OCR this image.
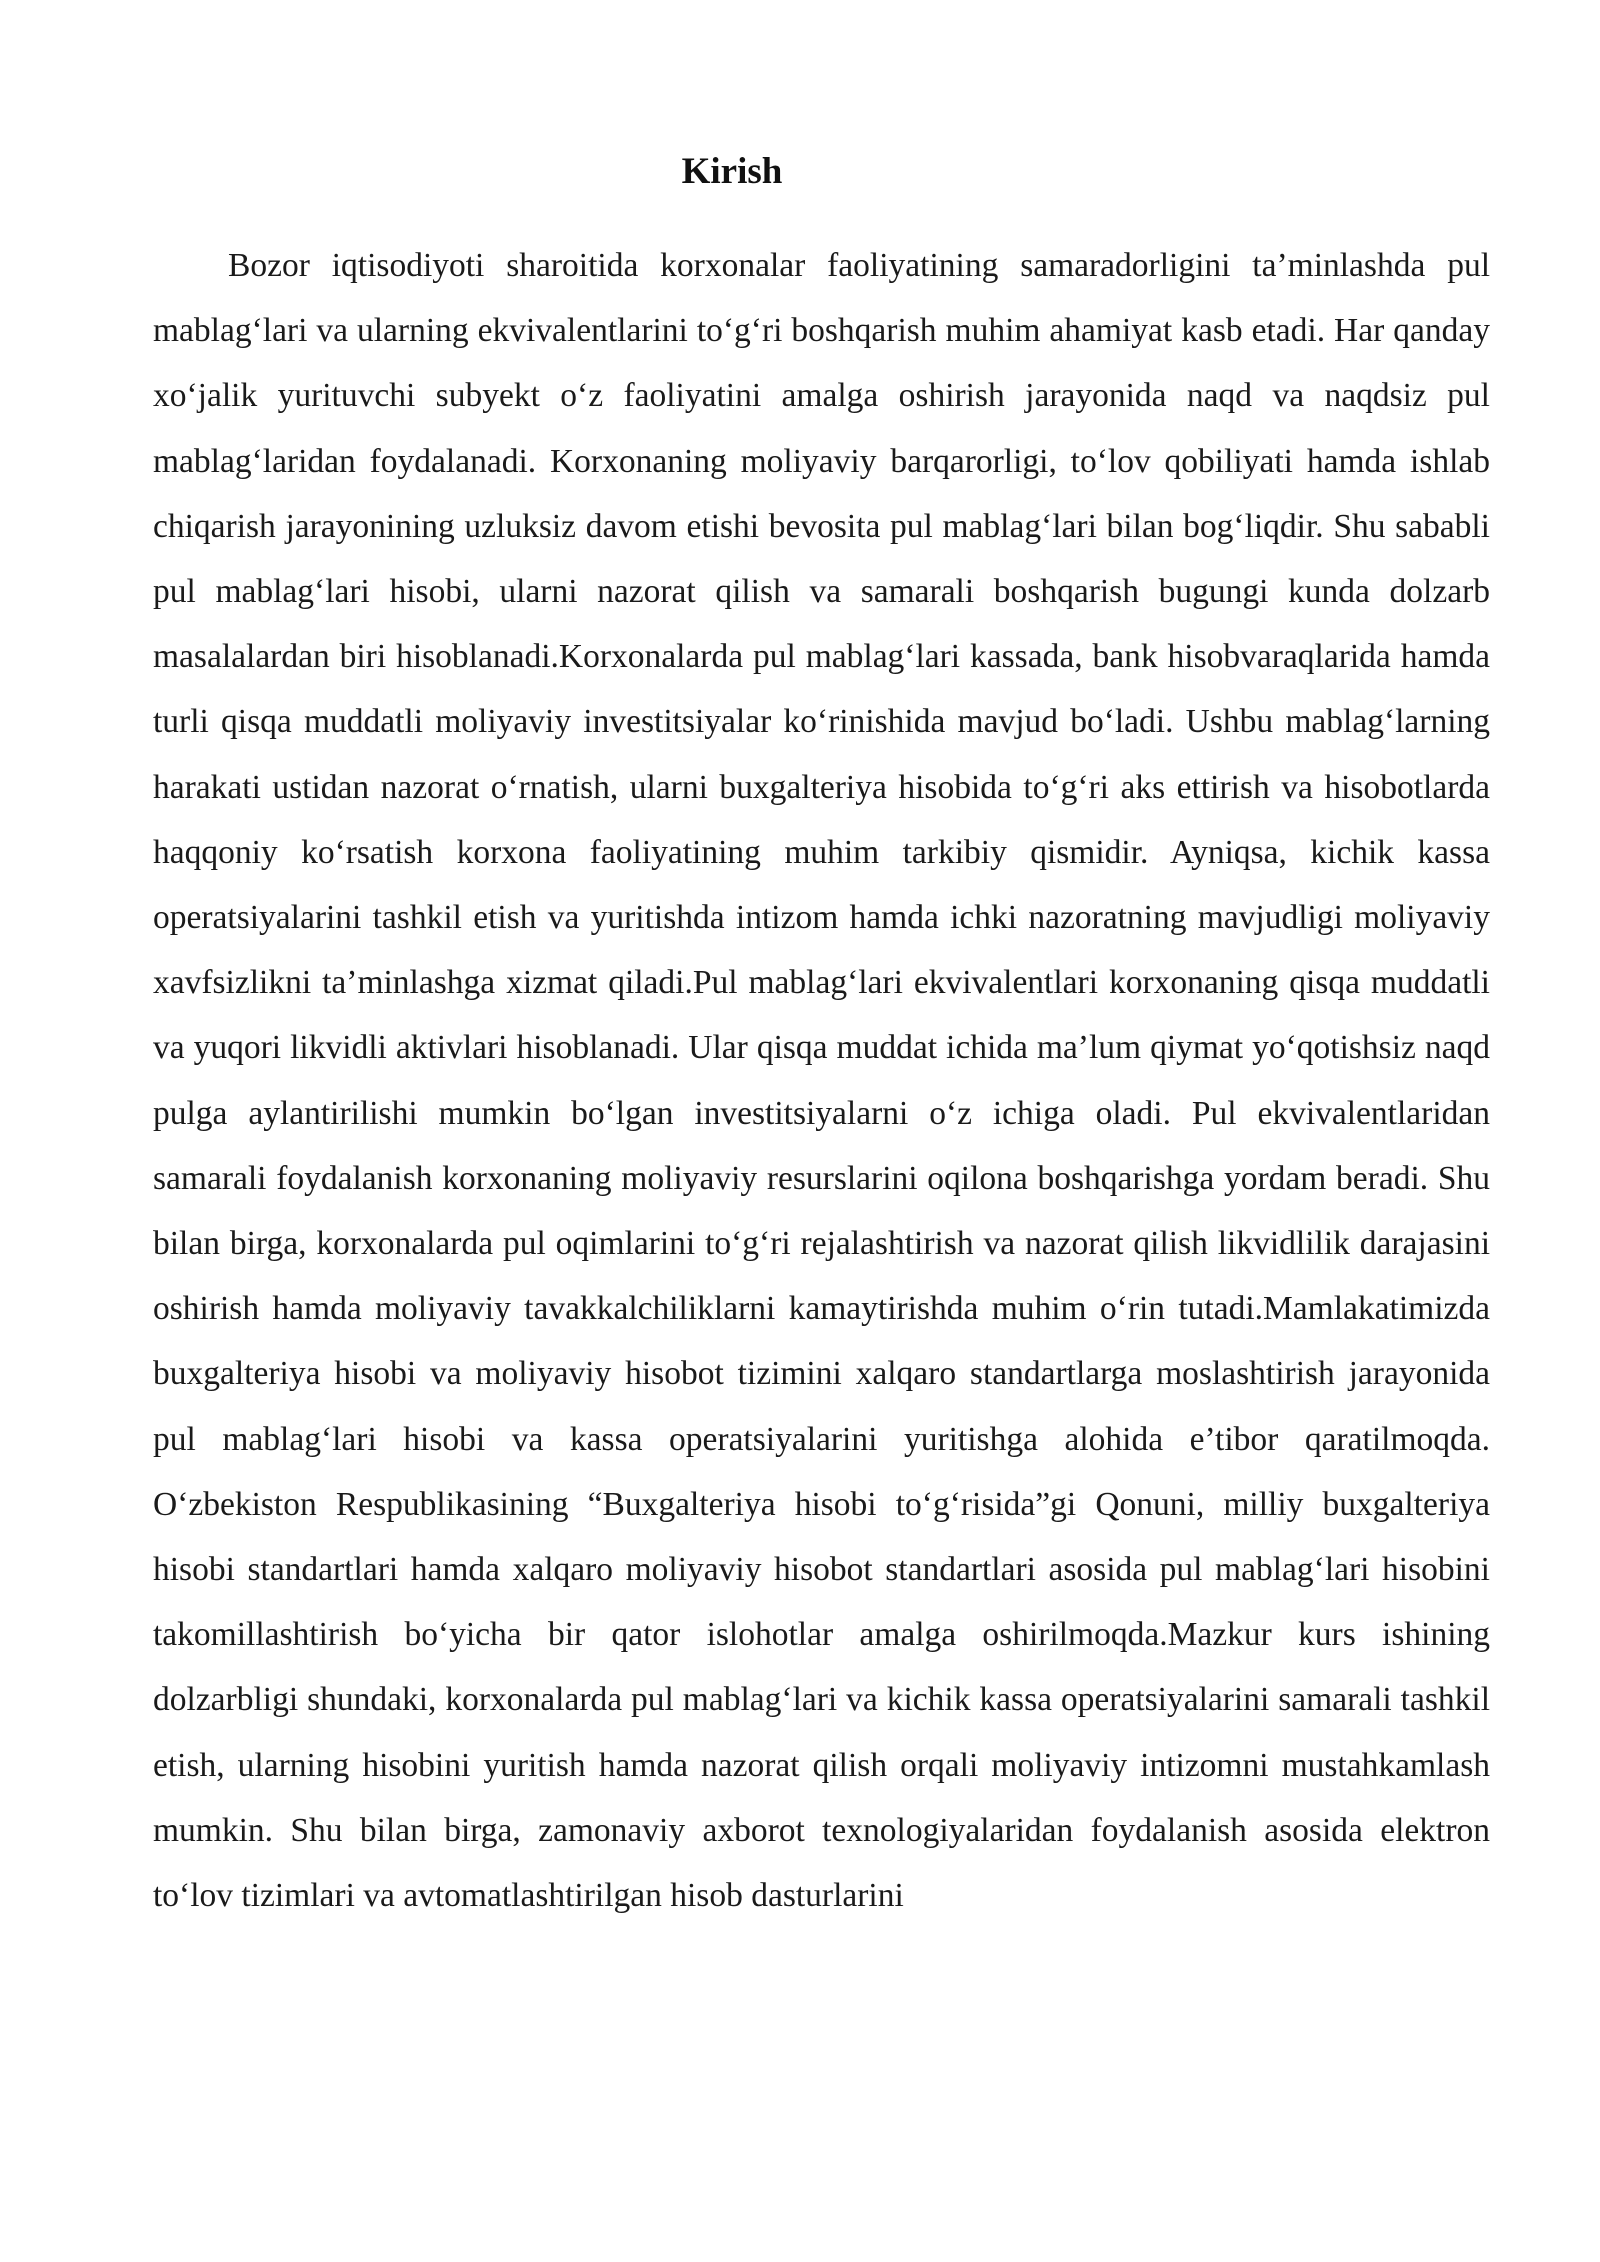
Kirish

Bozor iqtisodiyoti sharoitida korxonalar faoliyatining samaradorligini ta’minlashda pul mablag‘lari va ularning ekvivalentlarini to‘g‘ri boshqarish muhim ahamiyat kasb etadi. Har qanday xo‘jalik yurituvchi subyekt o‘z faoliyatini amalga oshirish jarayonida naqd va naqdsiz pul mablag‘laridan foydalanadi. Korxonaning moliyaviy barqarorligi, to‘lov qobiliyati hamda ishlab chiqarish jarayonining uzluksiz davom etishi bevosita pul mablag‘lari bilan bog‘liqdir. Shu sababli pul mablag‘lari hisobi, ularni nazorat qilish va samarali boshqarish bugungi kunda dolzarb masalalardan biri hisoblanadi.Korxonalarda pul mablag‘lari kassada, bank hisobvaraqlarida hamda turli qisqa muddatli moliyaviy investitsiyalar ko‘rinishida mavjud bo‘ladi. Ushbu mablag‘larning harakati ustidan nazorat o‘rnatish, ularni buxgalteriya hisobida to‘g‘ri aks ettirish va hisobotlarda haqqoniy ko‘rsatish korxona faoliyatining muhim tarkibiy qismidir. Ayniqsa, kichik kassa operatsiyalarini tashkil etish va yuritishda intizom hamda ichki nazoratning mavjudligi moliyaviy xavfsizlikni ta’minlashga xizmat qiladi.Pul mablag‘lari ekvivalentlari korxonaning qisqa muddatli va yuqori likvidli aktivlari hisoblanadi. Ular qisqa muddat ichida ma’lum qiymat yo‘qotishsiz naqd pulga aylantirilishi mumkin bo‘lgan investitsiyalarni o‘z ichiga oladi. Pul ekvivalentlaridan samarali foydalanish korxonaning moliyaviy resurslarini oqilona boshqarishga yordam beradi. Shu bilan birga, korxonalarda pul oqimlarini to‘g‘ri rejalashtirish va nazorat qilish likvidlilik darajasini oshirish hamda moliyaviy tavakkalchiliklarni kamaytirishda muhim o‘rin tutadi.Mamlakatimizda buxgalteriya hisobi va moliyaviy hisobot tizimini xalqaro standartlarga moslashtirish jarayonida pul mablag‘lari hisobi va kassa operatsiyalarini yuritishga alohida e’tibor qaratilmoqda. O‘zbekiston Respublikasining “Buxgalteriya hisobi to‘g‘risida”gi Qonuni, milliy buxgalteriya hisobi standartlari hamda xalqaro moliyaviy hisobot standartlari asosida pul mablag‘lari hisobini takomillashtirish bo‘yicha bir qator islohotlar amalga oshirilmoqda.Mazkur kurs ishining dolzarbligi shundaki, korxonalarda pul mablag‘lari va kichik kassa operatsiyalarini samarali tashkil etish, ularning hisobini yuritish hamda nazorat qilish orqali moliyaviy intizomni mustahkamlash mumkin. Shu bilan birga, zamonaviy axborot texnologiyalaridan foydalanish asosida elektron to‘lov tizimlari va avtomatlashtirilgan hisob dasturlarini
